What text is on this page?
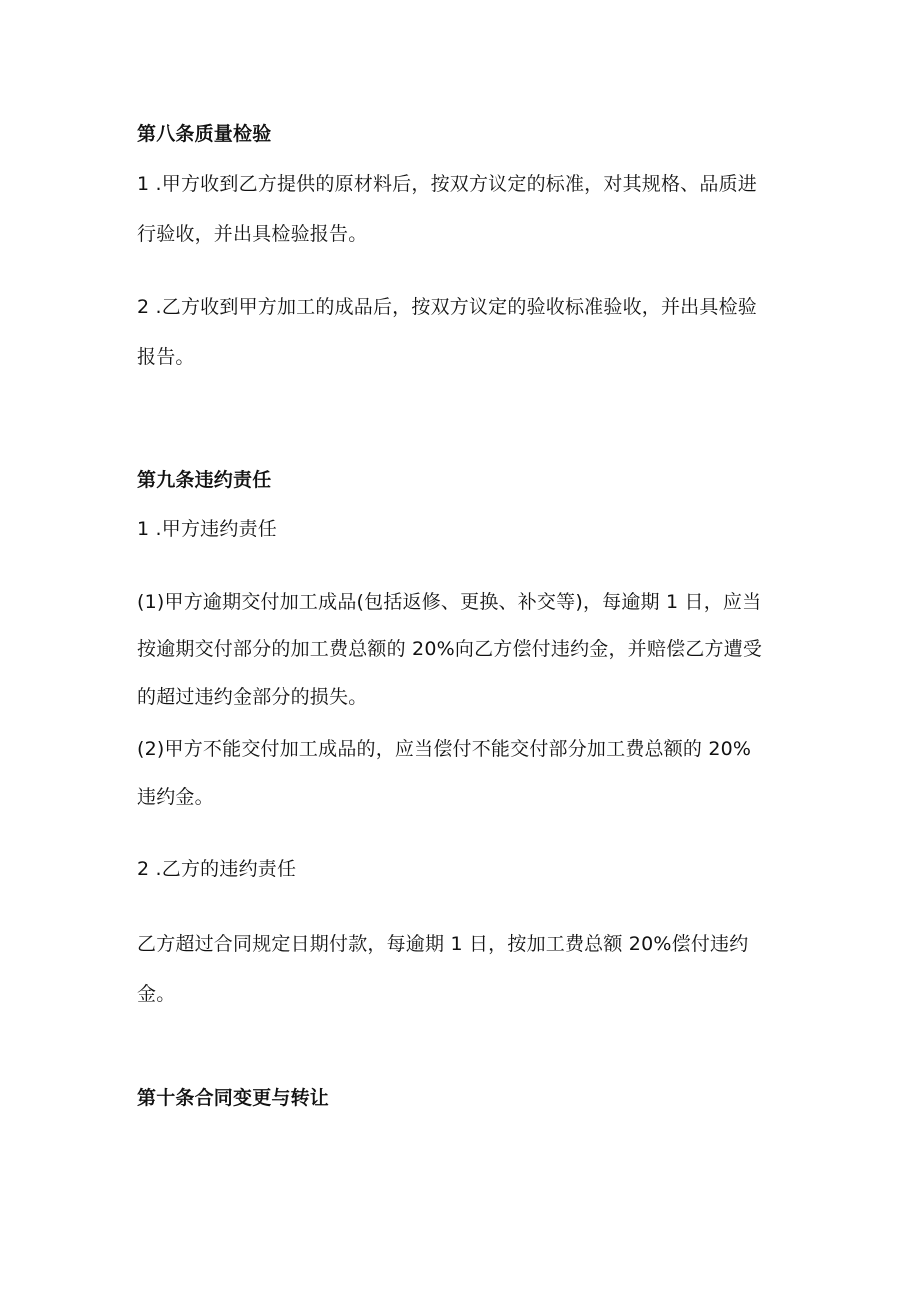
第八条质量检验
1 .甲方收到乙方提供的原材料后，按双方议定的标准，对其规格、品质进
行验收，并出具检验报告。
2 .乙方收到甲方加工的成品后，按双方议定的验收标准验收，并出具检验
报告。
第九条违约责任
1 .甲方违约责任
(1)甲方逾期交付加工成品(包括返修、更换、补交等)，每逾期 1 日，应当
按逾期交付部分的加工费总额的 20%向乙方偿付违约金，并赔偿乙方遭受
的超过违约金部分的损失。
(2)甲方不能交付加工成品的，应当偿付不能交付部分加工费总额的 20%
违约金。
2 .乙方的违约责任
乙方超过合同规定日期付款，每逾期 1 日，按加工费总额 20%偿付违约
金。
第十条合同变更与转让
